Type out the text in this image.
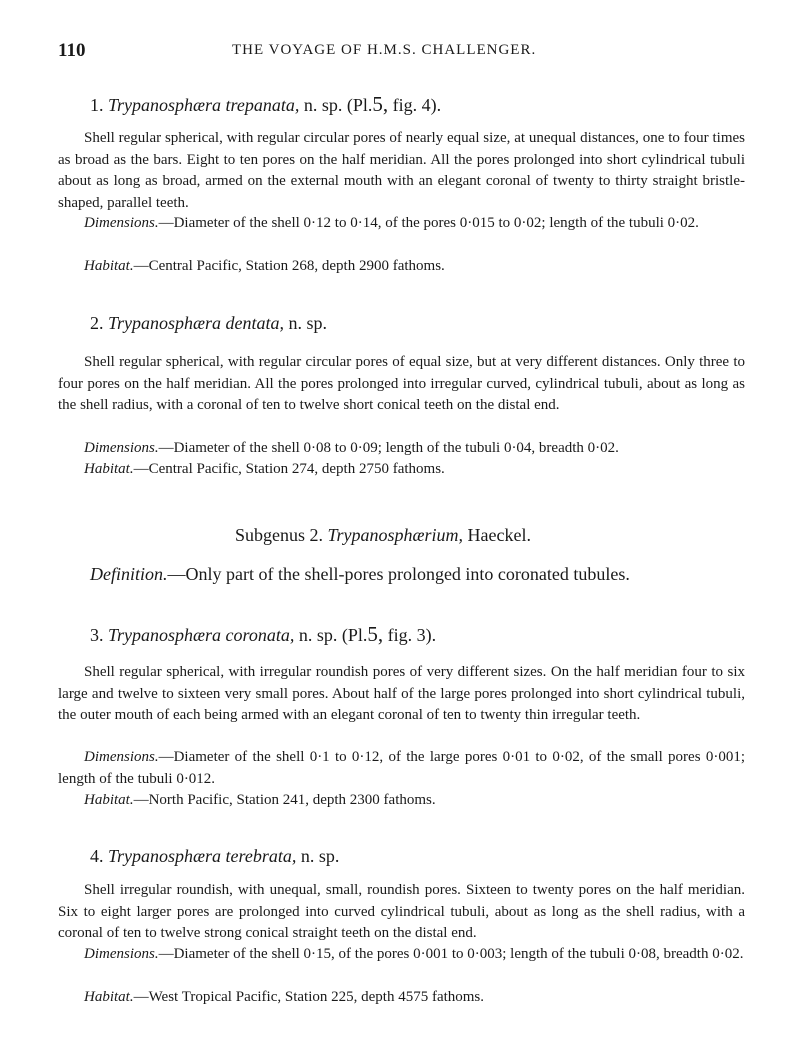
110	THE VOYAGE OF H.M.S. CHALLENGER.
1. Trypanosphæra trepanata, n. sp. (Pl.5, fig. 4).

Shell regular spherical, with regular circular pores of nearly equal size, at unequal distances, one to four times as broad as the bars. Eight to ten pores on the half meridian. All the pores prolonged into short cylindrical tubuli about as long as broad, armed on the external mouth with an elegant coronal of twenty to thirty straight bristle-shaped, parallel teeth.

Dimensions.—Diameter of the shell 0·12 to 0·14, of the pores 0·015 to 0·02; length of the tubuli 0·02.
Habitat.—Central Pacific, Station 268, depth 2900 fathoms.
2. Trypanosphæra dentata, n. sp.

Shell regular spherical, with regular circular pores of equal size, but at very different distances. Only three to four pores on the half meridian. All the pores prolonged into irregular curved, cylindrical tubuli, about as long as the shell radius, with a coronal of ten to twelve short conical teeth on the distal end.

Dimensions.—Diameter of the shell 0·08 to 0·09; length of the tubuli 0·04, breadth 0·02.
Habitat.—Central Pacific, Station 274, depth 2750 fathoms.
Subgenus 2. Trypanosphærium, Haeckel.
Definition.—Only part of the shell-pores prolonged into coronated tubules.
3. Trypanosphæra coronata, n. sp. (Pl.5, fig. 3).

Shell regular spherical, with irregular roundish pores of very different sizes. On the half meridian four to six large and twelve to sixteen very small pores. About half of the large pores prolonged into short cylindrical tubuli, the outer mouth of each being armed with an elegant coronal of ten to twenty thin irregular teeth.

Dimensions.—Diameter of the shell 0·1 to 0·12, of the large pores 0·01 to 0·02, of the small pores 0·001; length of the tubuli 0·012.
Habitat.—North Pacific, Station 241, depth 2300 fathoms.
4. Trypanosphæra terebrata, n. sp.

Shell irregular roundish, with unequal, small, roundish pores. Sixteen to twenty pores on the half meridian. Six to eight larger pores are prolonged into curved cylindrical tubuli, about as long as the shell radius, with a coronal of ten to twelve strong conical straight teeth on the distal end.

Dimensions.—Diameter of the shell 0·15, of the pores 0·001 to 0·003; length of the tubuli 0·08, breadth 0·02.
Habitat.—West Tropical Pacific, Station 225, depth 4575 fathoms.
